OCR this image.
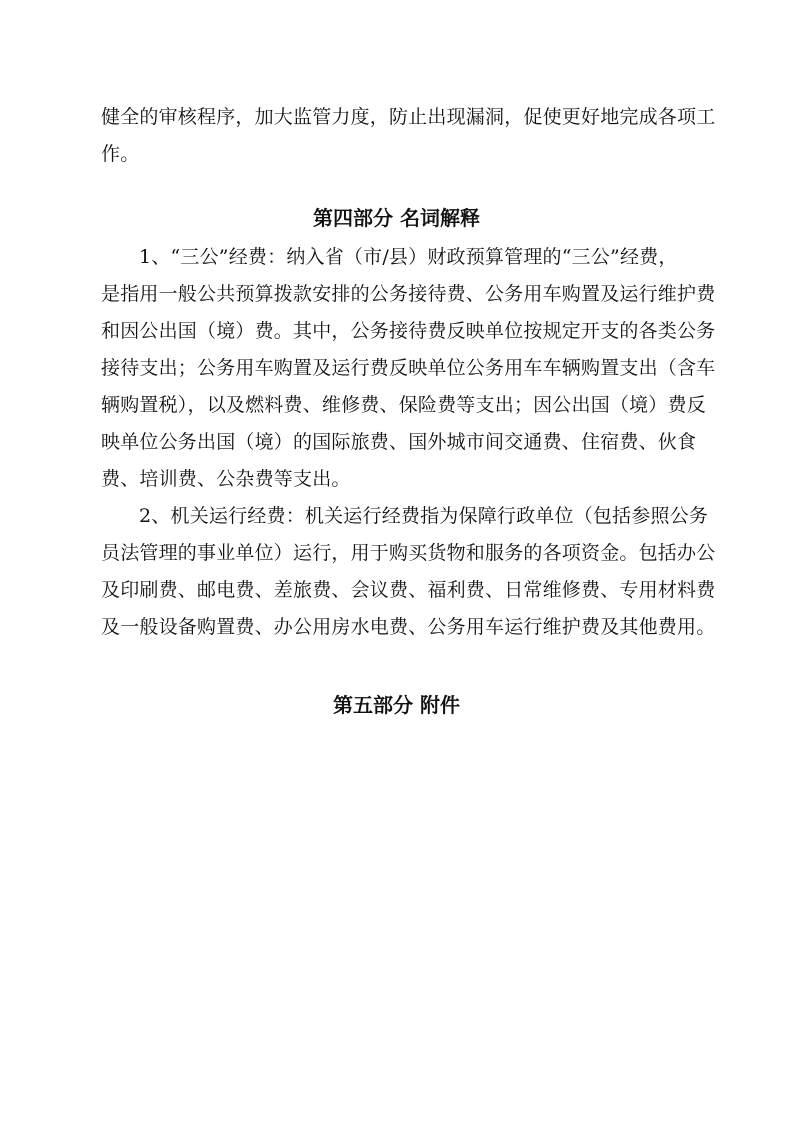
健全的审核程序，加大监管力度，防止出现漏洞，促使更好地完成各项工
作。
第四部分 名词解释
1、“三公”经费：纳入省（市/县）财政预算管理的“三公”经费，
是指用一般公共预算拨款安排的公务接待费、公务用车购置及运行维护费
和因公出国（境）费。其中，公务接待费反映单位按规定开支的各类公务
接待支出；公务用车购置及运行费反映单位公务用车车辆购置支出（含车
辆购置税），以及燃料费、维修费、保险费等支出；因公出国（境）费反
映单位公务出国（境）的国际旅费、国外城市间交通费、住宿费、伙食
费、培训费、公杂费等支出。
2、机关运行经费：机关运行经费指为保障行政单位（包括参照公务
员法管理的事业单位）运行，用于购买货物和服务的各项资金。包括办公
及印刷费、邮电费、差旅费、会议费、福利费、日常维修费、专用材料费
及一般设备购置费、办公用房水电费、公务用车运行维护费及其他费用。
第五部分 附件
